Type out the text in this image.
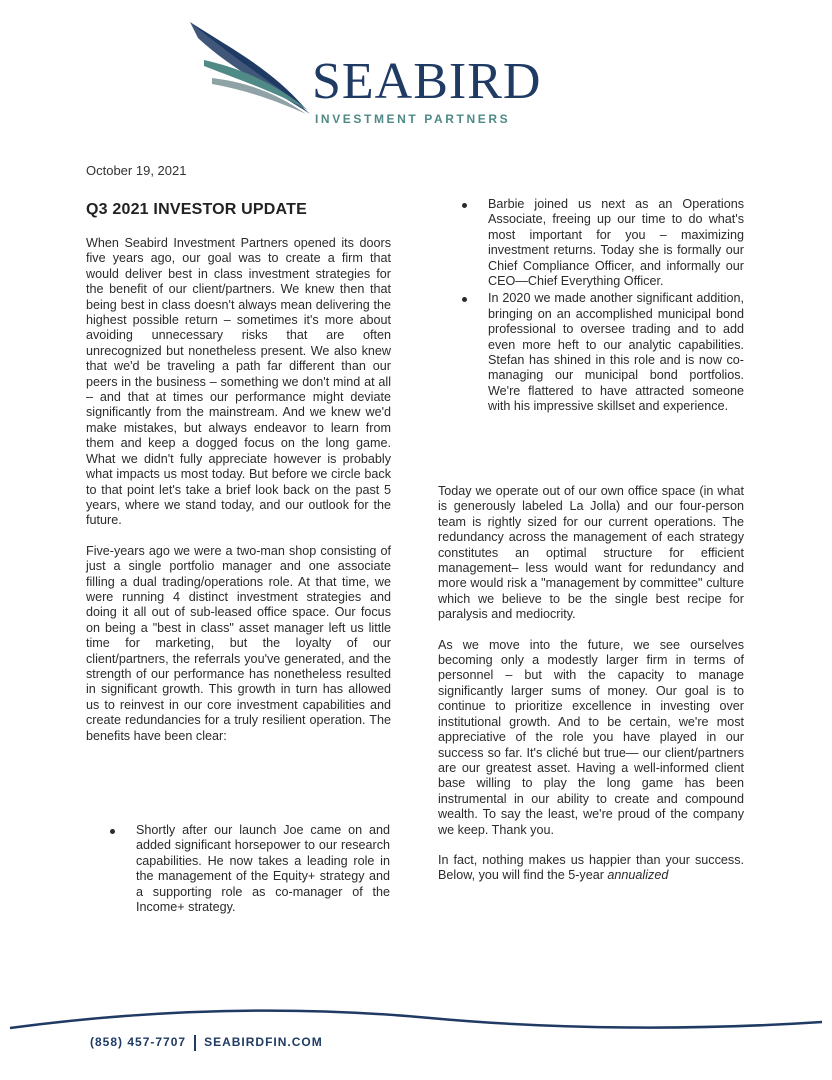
SEABIRD
INVESTMENT PARTNERS
October 19, 2021
Q3 2021 INVESTOR UPDATE

When Seabird Investment Partners opened its doors five years ago, our goal was to create a firm that would deliver best in class investment strategies for the benefit of our client/partners. We knew then that being best in class doesn't always mean delivering the highest possible return – sometimes it's more about avoiding unnecessary risks that are often unrecognized but nonetheless present. We also knew that we'd be traveling a path far different than our peers in the business – something we don't mind at all – and that at times our performance might deviate significantly from the mainstream. And we knew we'd make mistakes, but always endeavor to learn from them and keep a dogged focus on the long game. What we didn't fully appreciate however is probably what impacts us most today. But before we circle back to that point let's take a brief look back on the past 5 years, where we stand today, and our outlook for the future.

Five-years ago we were a two-man shop consisting of just a single portfolio manager and one associate filling a dual trading/operations role. At that time, we were running 4 distinct investment strategies and doing it all out of sub-leased office space. Our focus on being a "best in class" asset manager left us little time for marketing, but the loyalty of our client/partners, the referrals you've generated, and the strength of our performance has nonetheless resulted in significant growth. This growth in turn has allowed us to reinvest in our core investment capabilities and create redundancies for a truly resilient operation. The benefits have been clear:

Shortly after our launch Joe came on and added significant horsepower to our research capabilities. He now takes a leading role in the management of the Equity+ strategy and a supporting role as co-manager of the Income+ strategy.
Barbie joined us next as an Operations Associate, freeing up our time to do what's most important for you – maximizing investment returns. Today she is formally our Chief Compliance Officer, and informally our CEO—Chief Everything Officer.
In 2020 we made another significant addition, bringing on an accomplished municipal bond professional to oversee trading and to add even more heft to our analytic capabilities. Stefan has shined in this role and is now co-managing our municipal bond portfolios. We're flattered to have attracted someone with his impressive skillset and experience.

Today we operate out of our own office space (in what is generously labeled La Jolla) and our four-person team is rightly sized for our current operations. The redundancy across the management of each strategy constitutes an optimal structure for efficient management– less would want for redundancy and more would risk a "management by committee" culture which we believe to be the single best recipe for paralysis and mediocrity.

As we move into the future, we see ourselves becoming only a modestly larger firm in terms of personnel – but with the capacity to manage significantly larger sums of money. Our goal is to continue to prioritize excellence in investing over institutional growth. And to be certain, we're most appreciative of the role you have played in our success so far. It's cliché but true— our client/partners are our greatest asset. Having a well-informed client base willing to play the long game has been instrumental in our ability to create and compound wealth. To say the least, we're proud of the company we keep. Thank you.

In fact, nothing makes us happier than your success. Below, you will find the 5-year annualized

(858) 457-7707 SEABIRDFIN.COM
